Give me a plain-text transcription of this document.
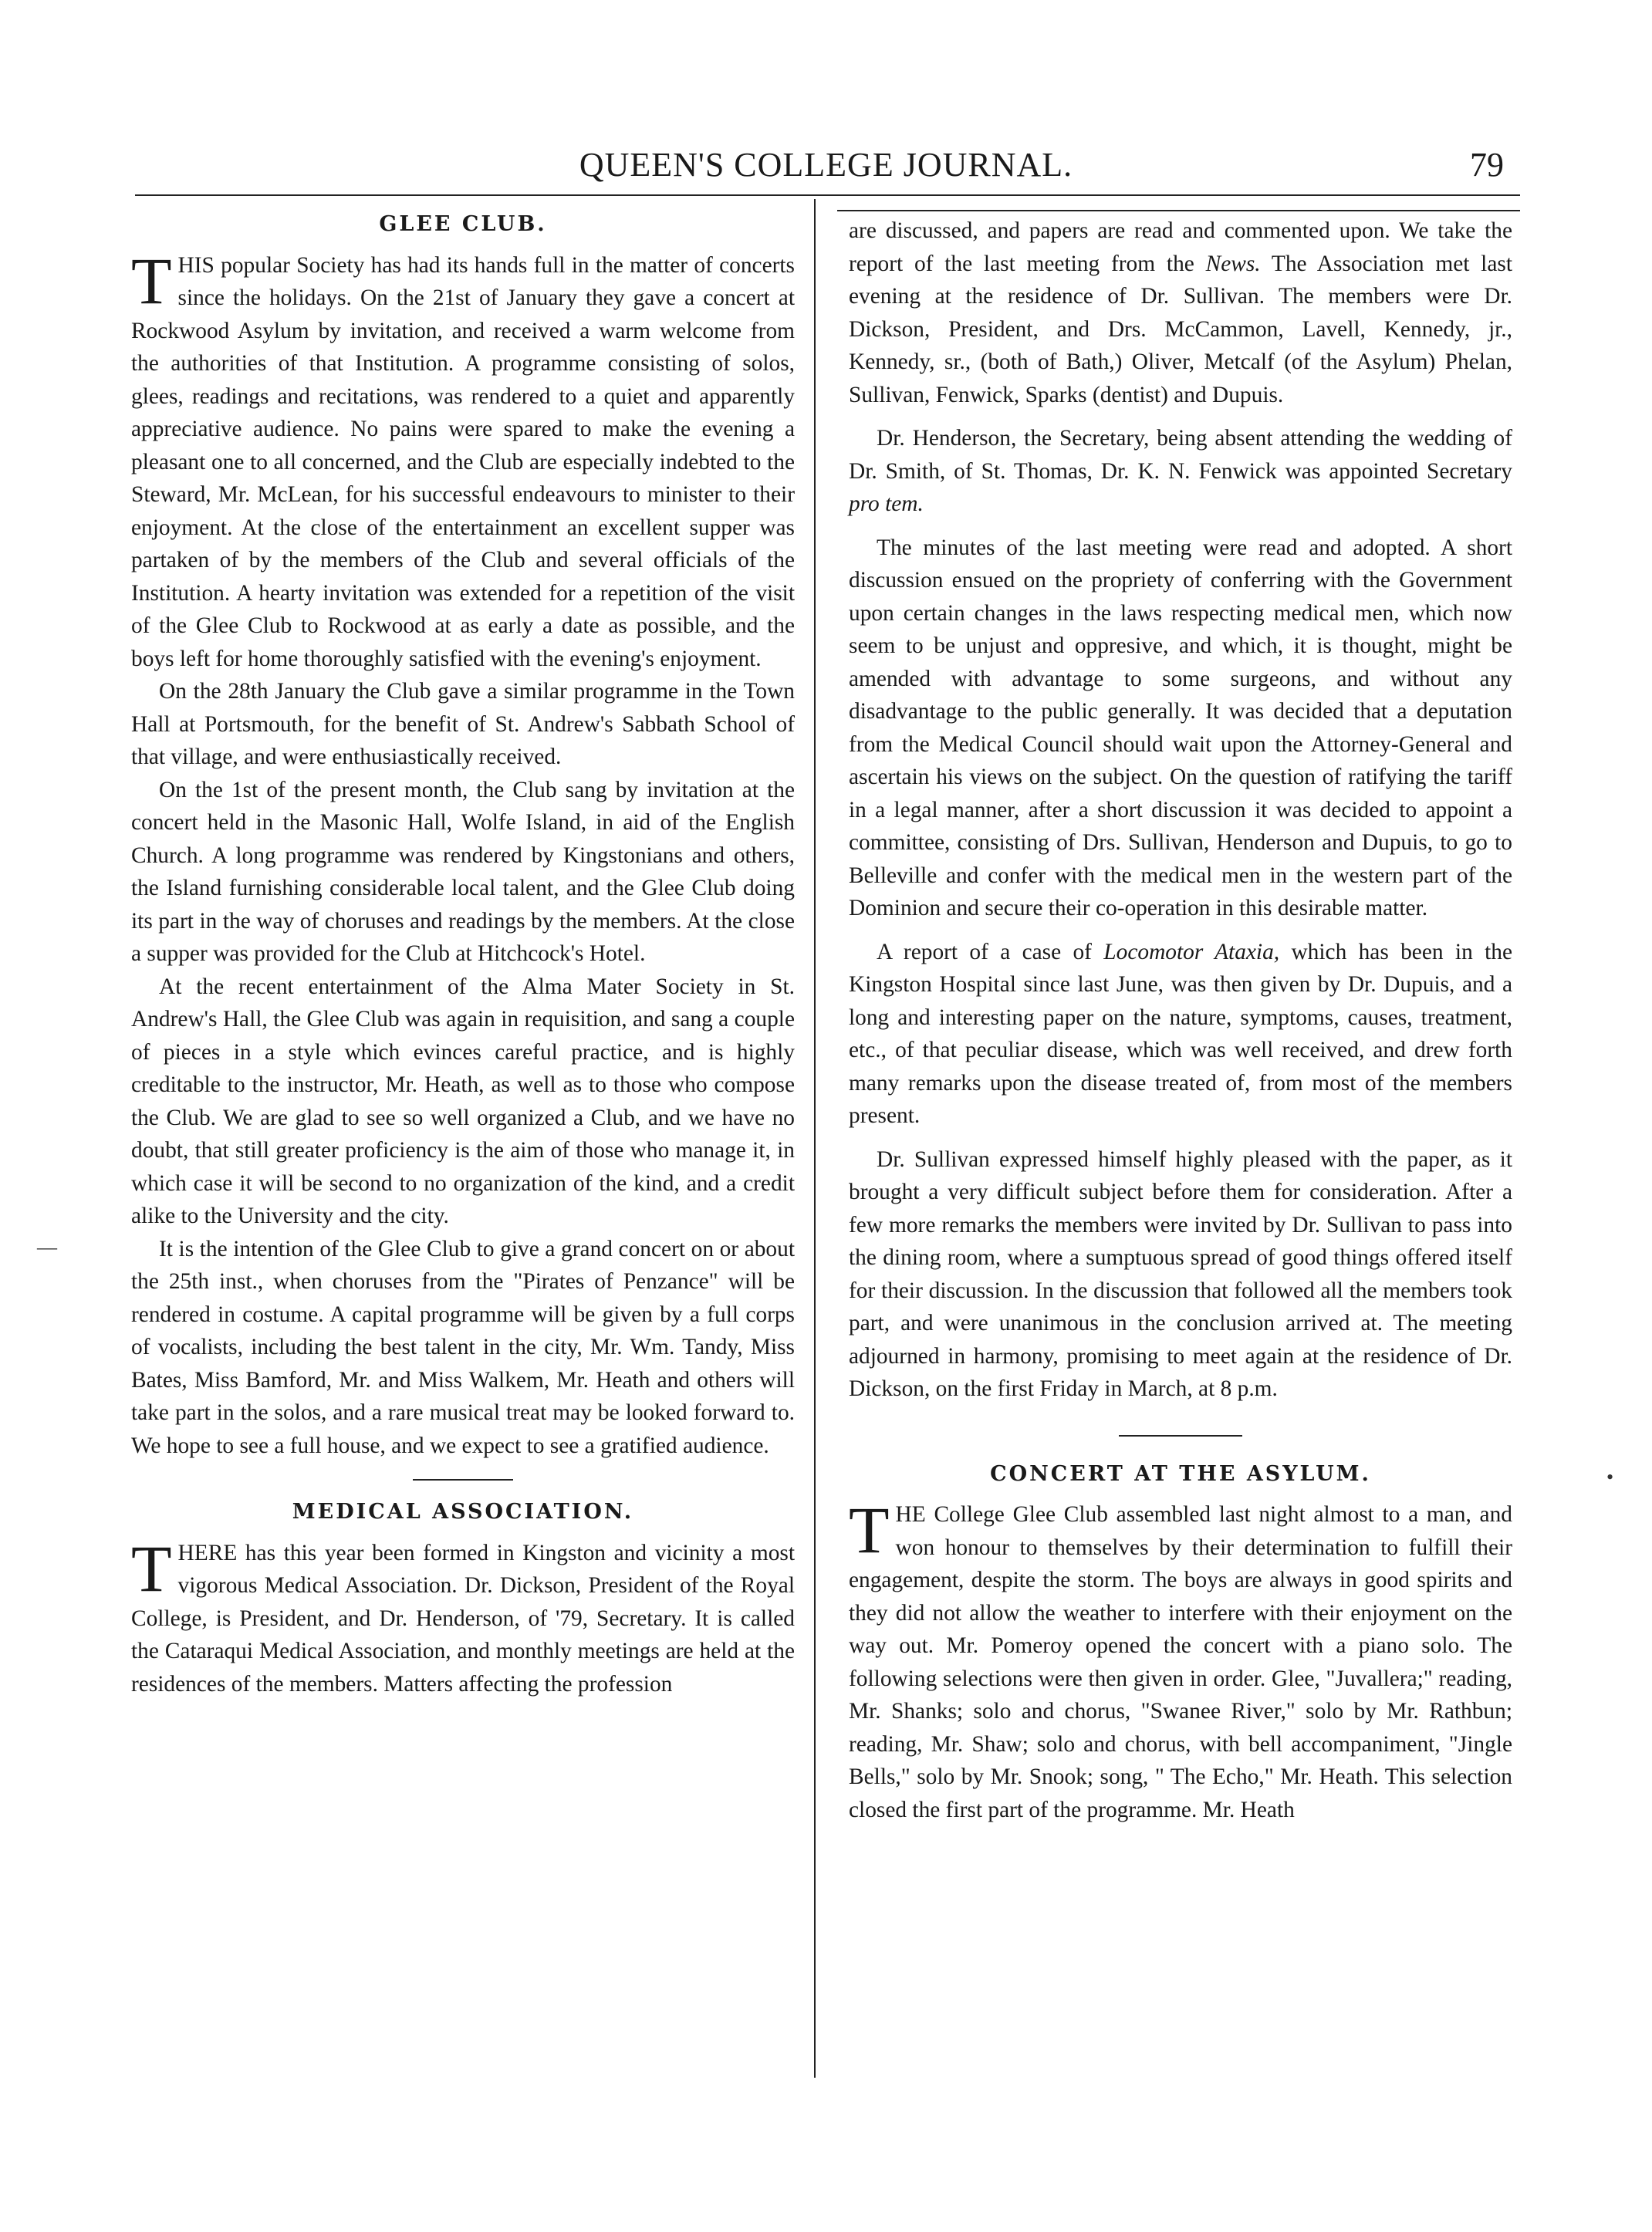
QUEEN'S COLLEGE JOURNAL.	79
GLEE CLUB.

THIS popular Society has had its hands full in the matter of concerts since the holidays. On the 21st of January they gave a concert at Rockwood Asylum by invitation, and received a warm welcome from the authorities of that Institution. A programme consisting of solos, glees, readings and recitations, was rendered to a quiet and apparently appreciative audience. No pains were spared to make the evening a pleasant one to all concerned, and the Club are especially indebted to the Steward, Mr. McLean, for his successful endeavours to minister to their enjoyment. At the close of the entertainment an excellent supper was partaken of by the members of the Club and several officials of the Institution. A hearty invitation was extended for a repetition of the visit of the Glee Club to Rockwood at as early a date as possible, and the boys left for home thoroughly satisfied with the evening's enjoyment.

On the 28th January the Club gave a similar programme in the Town Hall at Portsmouth, for the benefit of St. Andrew's Sabbath School of that village, and were enthusiastically received.

On the 1st of the present month, the Club sang by invitation at the concert held in the Masonic Hall, Wolfe Island, in aid of the English Church. A long programme was rendered by Kingstonians and others, the Island furnishing considerable local talent, and the Glee Club doing its part in the way of choruses and readings by the members. At the close a supper was provided for the Club at Hitchcock's Hotel.

At the recent entertainment of the Alma Mater Society in St. Andrew's Hall, the Glee Club was again in requisition, and sang a couple of pieces in a style which evinces careful practice, and is highly creditable to the instructor, Mr. Heath, as well as to those who compose the Club. We are glad to see so well organized a Club, and we have no doubt, that still greater proficiency is the aim of those who manage it, in which case it will be second to no organization of the kind, and a credit alike to the University and the city.

It is the intention of the Glee Club to give a grand concert on or about the 25th inst., when choruses from the "Pirates of Penzance" will be rendered in costume. A capital programme will be given by a full corps of vocalists, including the best talent in the city, Mr. Wm. Tandy, Miss Bates, Miss Bamford, Mr. and Miss Walkem, Mr. Heath and others will take part in the solos, and a rare musical treat may be looked forward to. We hope to see a full house, and we expect to see a gratified audience.

MEDICAL ASSOCIATION.

THERE has this year been formed in Kingston and vicinity a most vigorous Medical Association. Dr. Dickson, President of the Royal College, is President, and Dr. Henderson, of '79, Secretary. It is called the Cataraqui Medical Association, and monthly meetings are held at the residences of the members. Matters affecting the profession

are discussed, and papers are read and commented upon. We take the report of the last meeting from the News. The Association met last evening at the residence of Dr. Sullivan. The members were Dr. Dickson, President, and Drs. McCammon, Lavell, Kennedy, jr., Kennedy, sr., (both of Bath,) Oliver, Metcalf (of the Asylum) Phelan, Sullivan, Fenwick, Sparks (dentist) and Dupuis.

Dr. Henderson, the Secretary, being absent attending the wedding of Dr. Smith, of St. Thomas, Dr. K. N. Fenwick was appointed Secretary pro tem.

The minutes of the last meeting were read and adopted. A short discussion ensued on the propriety of conferring with the Government upon certain changes in the laws respecting medical men, which now seem to be unjust and oppresive, and which, it is thought, might be amended with advantage to some surgeons, and without any disadvantage to the public generally. It was decided that a deputation from the Medical Council should wait upon the Attorney-General and ascertain his views on the subject. On the question of ratifying the tariff in a legal manner, after a short discussion it was decided to appoint a committee, consisting of Drs. Sullivan, Henderson and Dupuis, to go to Belleville and confer with the medical men in the western part of the Dominion and secure their co-operation in this desirable matter.

A report of a case of Locomotor Ataxia, which has been in the Kingston Hospital since last June, was then given by Dr. Dupuis, and a long and interesting paper on the nature, symptoms, causes, treatment, etc., of that peculiar disease, which was well received, and drew forth many remarks upon the disease treated of, from most of the members present.

Dr. Sullivan expressed himself highly pleased with the paper, as it brought a very difficult subject before them for consideration. After a few more remarks the members were invited by Dr. Sullivan to pass into the dining room, where a sumptuous spread of good things offered itself for their discussion. In the discussion that followed all the members took part, and were unanimous in the conclusion arrived at. The meeting adjourned in harmony, promising to meet again at the residence of Dr. Dickson, on the first Friday in March, at 8 p.m.

CONCERT AT THE ASYLUM.

THE College Glee Club assembled last night almost to a man, and won honour to themselves by their determination to fulfill their engagement, despite the storm. The boys are always in good spirits and they did not allow the weather to interfere with their enjoyment on the way out. Mr. Pomeroy opened the concert with a piano solo. The following selections were then given in order. Glee, "Juvallera;" reading, Mr. Shanks; solo and chorus, "Swanee River," solo by Mr. Rathbun; reading, Mr. Shaw; solo and chorus, with bell accompaniment, "Jingle Bells," solo by Mr. Snook; song, " The Echo," Mr. Heath. This selection closed the first part of the programme. Mr. Heath

—
•
